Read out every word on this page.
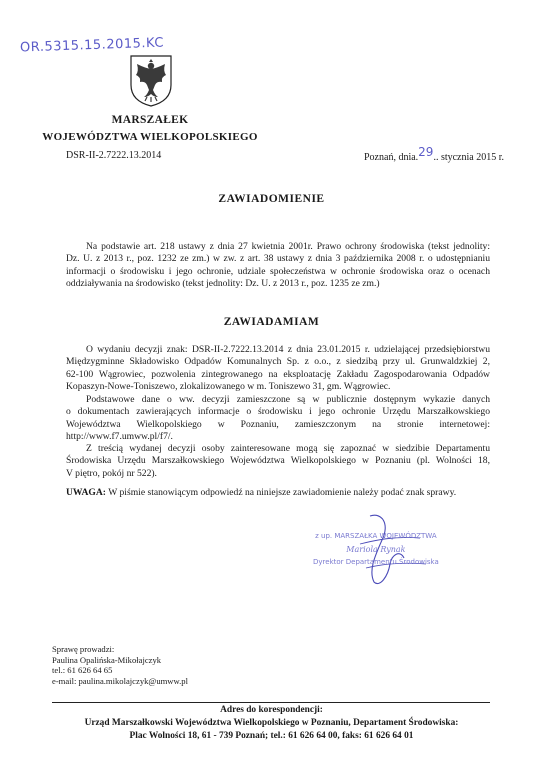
OR.5315.15.2015.KC
MARSZAŁEK
WOJEWÓDZTWA WIELKOPOLSKIEGO
DSR-II-2.7222.13.2014	Poznań, dnia.29.. stycznia 2015 r.
ZAWIADOMIENIE
Na podstawie art. 218 ustawy z dnia 27 kwietnia 2001r. Prawo ochrony środowiska (tekst jednolity:
Dz. U. z 2013 r., poz. 1232 ze zm.) w zw. z art. 38 ustawy z dnia 3 października 2008 r. o udostępnianiu
informacji o środowisku i jego ochronie, udziale społeczeństwa w ochronie środowiska oraz o ocenach
oddziaływania na środowisko (tekst jednolity: Dz. U. z 2013 r., poz. 1235 ze zm.)
ZAWIADAMIAM
O wydaniu decyzji znak: DSR-II-2.7222.13.2014 z dnia 23.01.2015 r. udzielającej przedsiębiorstwu
Międzygminne Składowisko Odpadów Komunalnych Sp. z o.o., z siedzibą przy ul. Grunwaldzkiej 2,
62-100 Wągrowiec, pozwolenia zintegrowanego na eksploatację Zakładu Zagospodarowania Odpadów
Kopaszyn-Nowe-Toniszewo, zlokalizowanego w m. Toniszewo 31, gm. Wągrowiec.
Podstawowe dane o ww. decyzji zamieszczone są w publicznie dostępnym wykazie danych
o dokumentach zawierających informacje o środowisku i jego ochronie Urzędu Marszałkowskiego
Województwa Wielkopolskiego w Poznaniu, zamieszczonym na stronie internetowej:
http://www.f7.umww.pl/f7/.
Z treścią wydanej decyzji osoby zainteresowane mogą się zapoznać w siedzibie Departamentu
Środowiska Urzędu Marszałkowskiego Województwa Wielkopolskiego w Poznaniu (pl. Wolności 18,
V piętro, pokój nr 522).
UWAGA: W piśmie stanowiącym odpowiedź na niniejsze zawiadomienie należy podać znak sprawy.
z up. MARSZAŁKA WOJEWÓDZTWA
Mariola Rynak
Dyrektor Departamentu Środowiska
Sprawę prowadzi:
Paulina Opalińska-Mikołajczyk
tel.: 61 626 64 65
e-mail: paulina.mikolajczyk@umww.pl
Adres do korespondencji:
Urząd Marszałkowski Województwa Wielkopolskiego w Poznaniu, Departament Środowiska:
Plac Wolności 18, 61 - 739 Poznań; tel.: 61 626 64 00, faks: 61 626 64 01
